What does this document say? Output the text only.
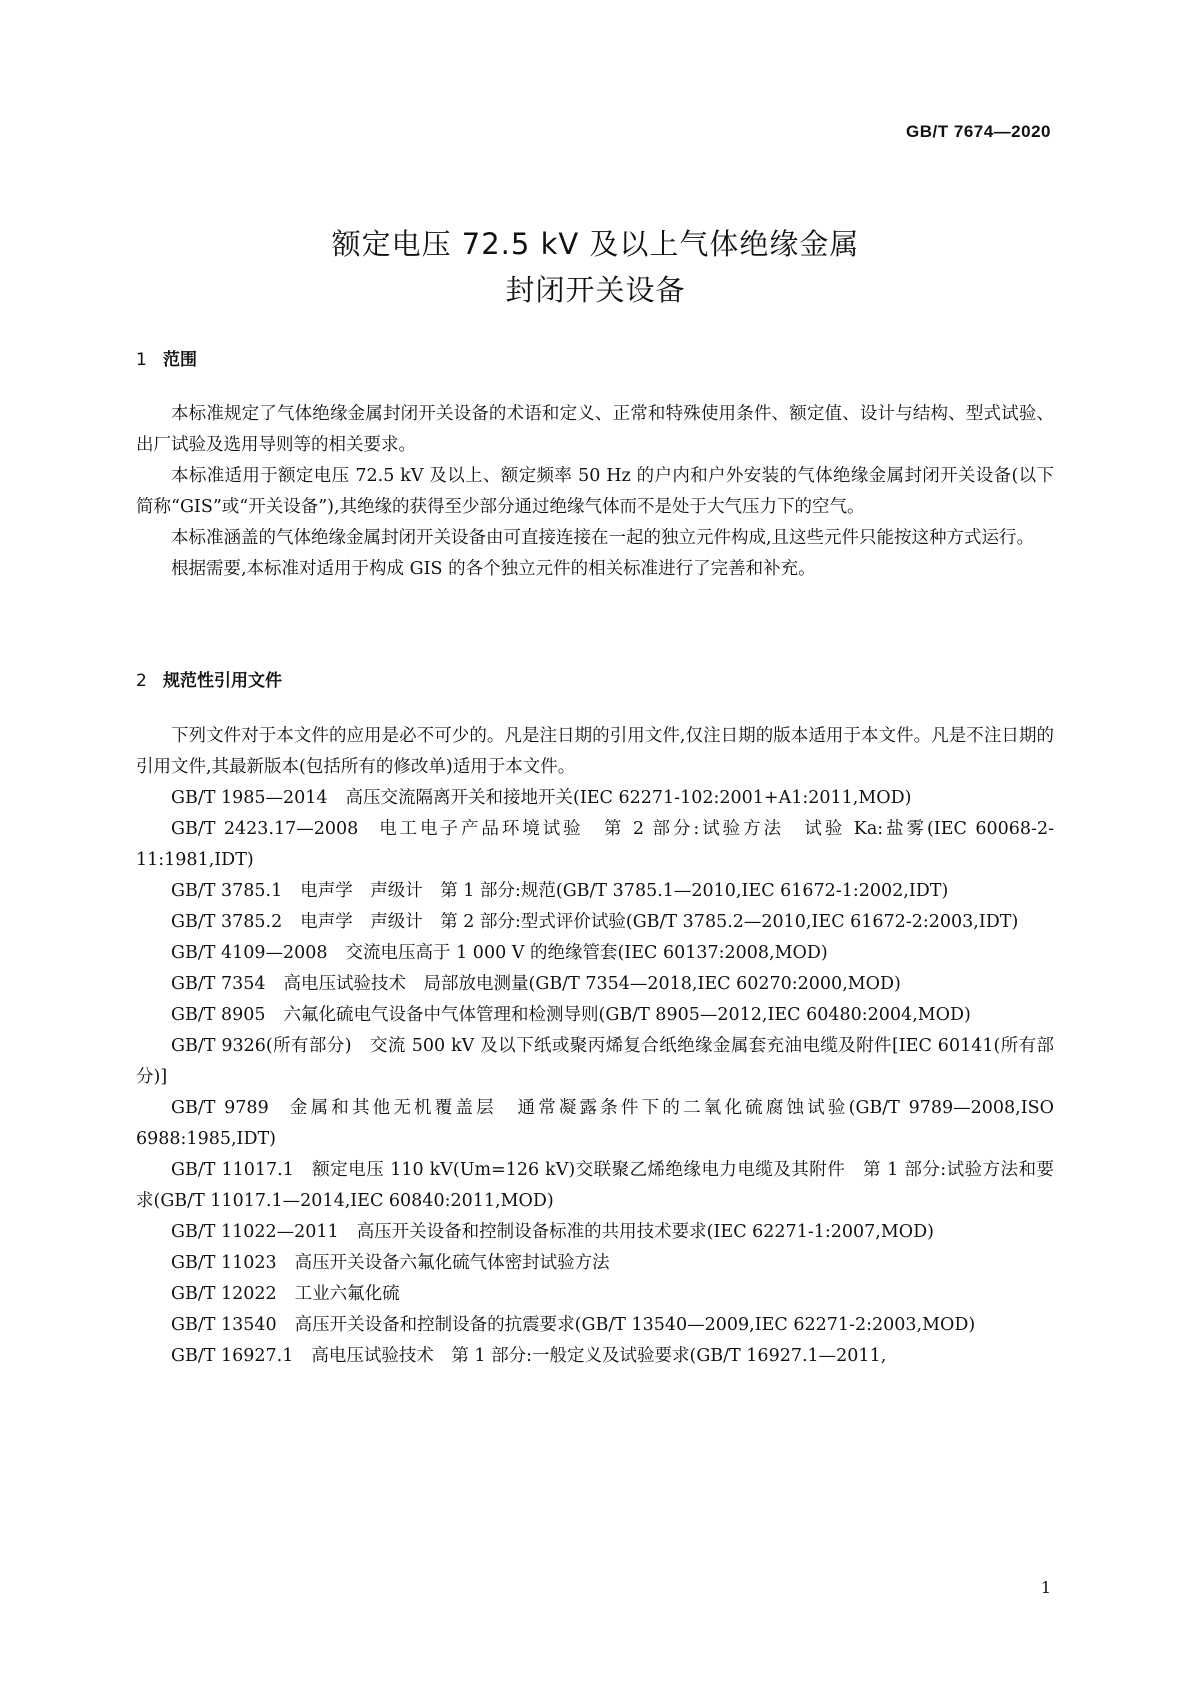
GB/T 7674—2020
额定电压 72.5 kV 及以上气体绝缘金属
封闭开关设备
1 范围

本标准规定了气体绝缘金属封闭开关设备的术语和定义、正常和特殊使用条件、额定值、设计与结构、型式试验、出厂试验及选用导则等的相关要求。

本标准适用于额定电压 72.5 kV 及以上、额定频率 50 Hz 的户内和户外安装的气体绝缘金属封闭开关设备(以下简称“GIS”或“开关设备”),其绝缘的获得至少部分通过绝缘气体而不是处于大气压力下的空气。

本标准涵盖的气体绝缘金属封闭开关设备由可直接连接在一起的独立元件构成,且这些元件只能按这种方式运行。

根据需要,本标准对适用于构成 GIS 的各个独立元件的相关标准进行了完善和补充。

2 规范性引用文件

下列文件对于本文件的应用是必不可少的。凡是注日期的引用文件,仅注日期的版本适用于本文件。凡是不注日期的引用文件,其最新版本(包括所有的修改单)适用于本文件。

GB/T 1985—2014 高压交流隔离开关和接地开关(IEC 62271-102:2001+A1:2011,MOD)

GB/T 2423.17—2008 电工电子产品环境试验　第 2 部分:试验方法　试验 Ka:盐雾(IEC 60068-2-11:1981,IDT)

GB/T 3785.1 电声学　声级计　第 1 部分:规范(GB/T 3785.1—2010,IEC 61672-1:2002,IDT)

GB/T 3785.2 电声学　声级计　第 2 部分:型式评价试验(GB/T 3785.2—2010,IEC 61672-2:2003,IDT)

GB/T 4109—2008 交流电压高于 1 000 V 的绝缘管套(IEC 60137:2008,MOD)

GB/T 7354 高电压试验技术　局部放电测量(GB/T 7354—2018,IEC 60270:2000,MOD)

GB/T 8905 六氟化硫电气设备中气体管理和检测导则(GB/T 8905—2012,IEC 60480:2004,MOD)

GB/T 9326(所有部分) 交流 500 kV 及以下纸或聚丙烯复合纸绝缘金属套充油电缆及附件[IEC 60141(所有部分)]

GB/T 9789 金属和其他无机覆盖层　通常凝露条件下的二氧化硫腐蚀试验(GB/T 9789—2008,ISO 6988:1985,IDT)

GB/T 11017.1 额定电压 110 kV(Um=126 kV)交联聚乙烯绝缘电力电缆及其附件　第 1 部分:试验方法和要求(GB/T 11017.1—2014,IEC 60840:2011,MOD)

GB/T 11022—2011 高压开关设备和控制设备标准的共用技术要求(IEC 62271-1:2007,MOD)

GB/T 11023 高压开关设备六氟化硫气体密封试验方法

GB/T 12022 工业六氟化硫

GB/T 13540 高压开关设备和控制设备的抗震要求(GB/T 13540—2009,IEC 62271-2:2003,MOD)

GB/T 16927.1 高电压试验技术　第 1 部分:一般定义及试验要求(GB/T 16927.1—2011,

1
